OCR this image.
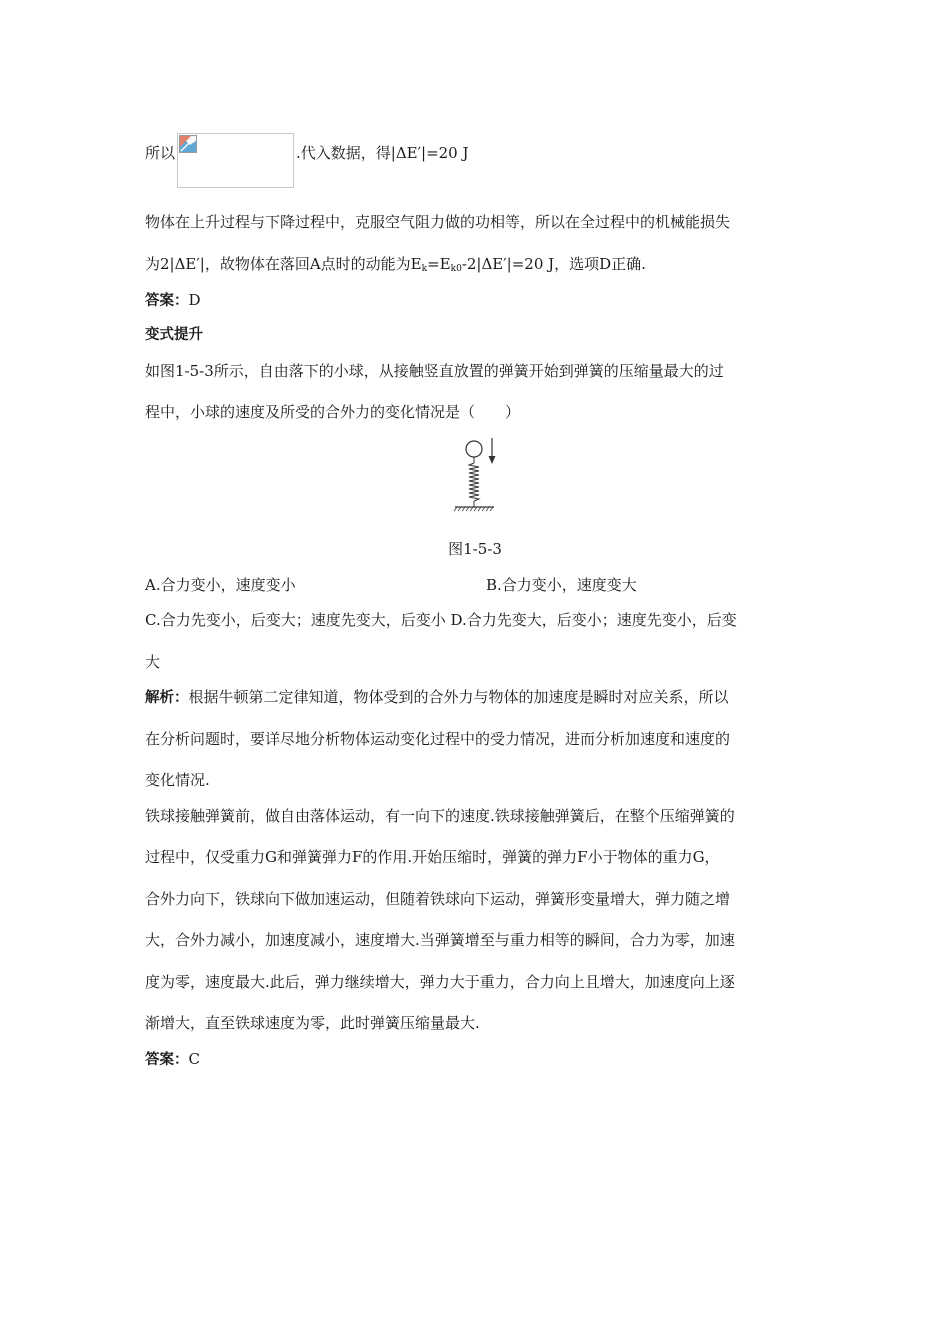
所以	.代入数据，得|ΔE′|=20 J
物体在上升过程与下降过程中，克服空气阻力做的功相等，所以在全过程中的机械能损失
为2|ΔE′|，故物体在落回A点时的动能为$E_k=E_{k0}-2|\Delta E'|=20$ J，选项D正确.
答案：D
变式提升
如图1-5-3所示，自由落下的小球，从接触竖直放置的弹簧开始到弹簧的压缩量最大的过
程中，小球的速度及所受的合外力的变化情况是（　　）
图1-5-3
A.合力变小，速度变小	B.合力变小，速度变大
C.合力先变小，后变大；速度先变大，后变小 D.合力先变大，后变小；速度先变小，后变
大
解析：根据牛顿第二定律知道，物体受到的合外力与物体的加速度是瞬时对应关系，所以
在分析问题时，要详尽地分析物体运动变化过程中的受力情况，进而分析加速度和速度的
变化情况.
铁球接触弹簧前，做自由落体运动，有一向下的速度.铁球接触弹簧后，在整个压缩弹簧的
过程中，仅受重力G和弹簧弹力F的作用.开始压缩时，弹簧的弹力F小于物体的重力G，
合外力向下，铁球向下做加速运动，但随着铁球向下运动，弹簧形变量增大，弹力随之增
大，合外力减小，加速度减小，速度增大.当弹簧增至与重力相等的瞬间，合力为零，加速
度为零，速度最大.此后，弹力继续增大，弹力大于重力，合力向上且增大，加速度向上逐
渐增大，直至铁球速度为零，此时弹簧压缩量最大.
答案：C
